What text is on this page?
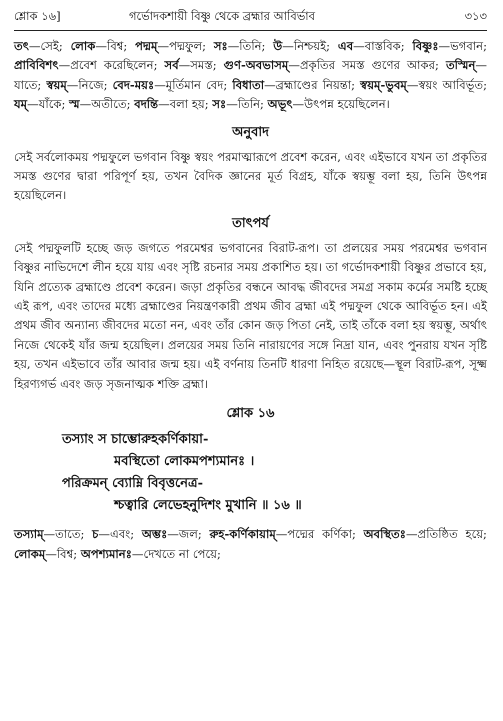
শ্লোক ১৬]	গর্ভোদকশায়ী বিষ্ণু থেকে ব্রহ্মার আবির্ভাব	৩১৩

তৎ—সেই; লোক—বিশ্ব; পদ্মম্—পদ্মফুল; সঃ—তিনি; উ—নিশ্চয়ই; এব—বাস্তবিক; বিষ্ণুঃ—ভগবান; প্রাবিবিশৎ—প্রবেশ করেছিলেন; সর্ব—সমস্ত; গুণ-অবভাসম্—প্রকৃতির সমস্ত গুণের আকর; তস্মিন্—যাতে; স্বয়ম্—নিজে; বেদ-ময়ঃ—মূর্তিমান বেদ; বিধাতা—ব্রহ্মাণ্ডের নিয়ন্তা; স্বয়ম্-ভুবম্—স্বয়ং আবির্ভূত; যম্—যাঁকে; স্ম—অতীতে; বদন্তি—বলা হয়; সঃ—তিনি; অভূৎ—উৎপন্ন হয়েছিলেন।

অনুবাদ

সেই সর্বলোকময় পদ্মফুলে ভগবান বিষ্ণু স্বয়ং পরমাত্মারূপে প্রবেশ করেন, এবং এইভাবে যখন তা প্রকৃতির সমস্ত গুণের দ্বারা পরিপূর্ণ হয়, তখন বৈদিক জ্ঞানের মূর্ত বিগ্রহ, যাঁকে স্বয়ম্ভূ বলা হয়, তিনি উৎপন্ন হয়েছিলেন।

তাৎপর্য

সেই পদ্মফুলটি হচ্ছে জড় জগতে পরমেশ্বর ভগবানের বিরাট-রূপ। তা প্রলয়ের সময় পরমেশ্বর ভগবান বিষ্ণুর নাভিদেশে লীন হয়ে যায় এবং সৃষ্টি রচনার সময় প্রকাশিত হয়। তা গর্ভোদকশায়ী বিষ্ণুর প্রভাবে হয়, যিনি প্রত্যেক ব্রহ্মাণ্ডে প্রবেশ করেন। জড়া প্রকৃতির বন্ধনে আবদ্ধ জীবদের সমগ্র সকাম কর্মের সমষ্টি হচ্ছে এই রূপ, এবং তাদের মধ্যে ব্রহ্মাণ্ডের নিয়ন্ত্রণকারী প্রথম জীব ব্রহ্মা এই পদ্মফুল থেকে আবির্ভূত হন। এই প্রথম জীব অন্যান্য জীবদের মতো নন, এবং তাঁর কোন জড় পিতা নেই, তাই তাঁকে বলা হয় স্বয়ম্ভূ, অর্থাৎ নিজে থেকেই যাঁর জন্ম হয়েছিল। প্রলয়ের সময় তিনি নারায়ণের সঙ্গে নিদ্রা যান, এবং পুনরায় যখন সৃষ্টি হয়, তখন এইভাবে তাঁর আবার জন্ম হয়। এই বর্ণনায় তিনটি ধারণা নিহিত রয়েছে—স্থূল বিরাট-রূপ, সূক্ষ্ম হিরণ্যগর্ভ এবং জড় সৃজনাত্মক শক্তি ব্রহ্মা।

শ্লোক ১৬
তস্যাং স চাম্ভোরুহকর্ণিকায়া-
মবস্থিতো লোকমপশ্যমানঃ ।
পরিক্রমন্ ব্যোম্নি বিবৃত্তনেত্র-
শ্চত্বারি লেভেহনুদিশং মুখানি ॥ ১৬ ॥

তস্যাম্—তাতে; চ—এবং; অম্ভঃ—জল; রুহ-কর্ণিকায়াম্—পদ্মের কর্ণিকা; অবস্থিতঃ—প্রতিষ্ঠিত হয়ে; লোকম্—বিশ্ব; অপশ্যমানঃ—দেখতে না পেয়ে;
